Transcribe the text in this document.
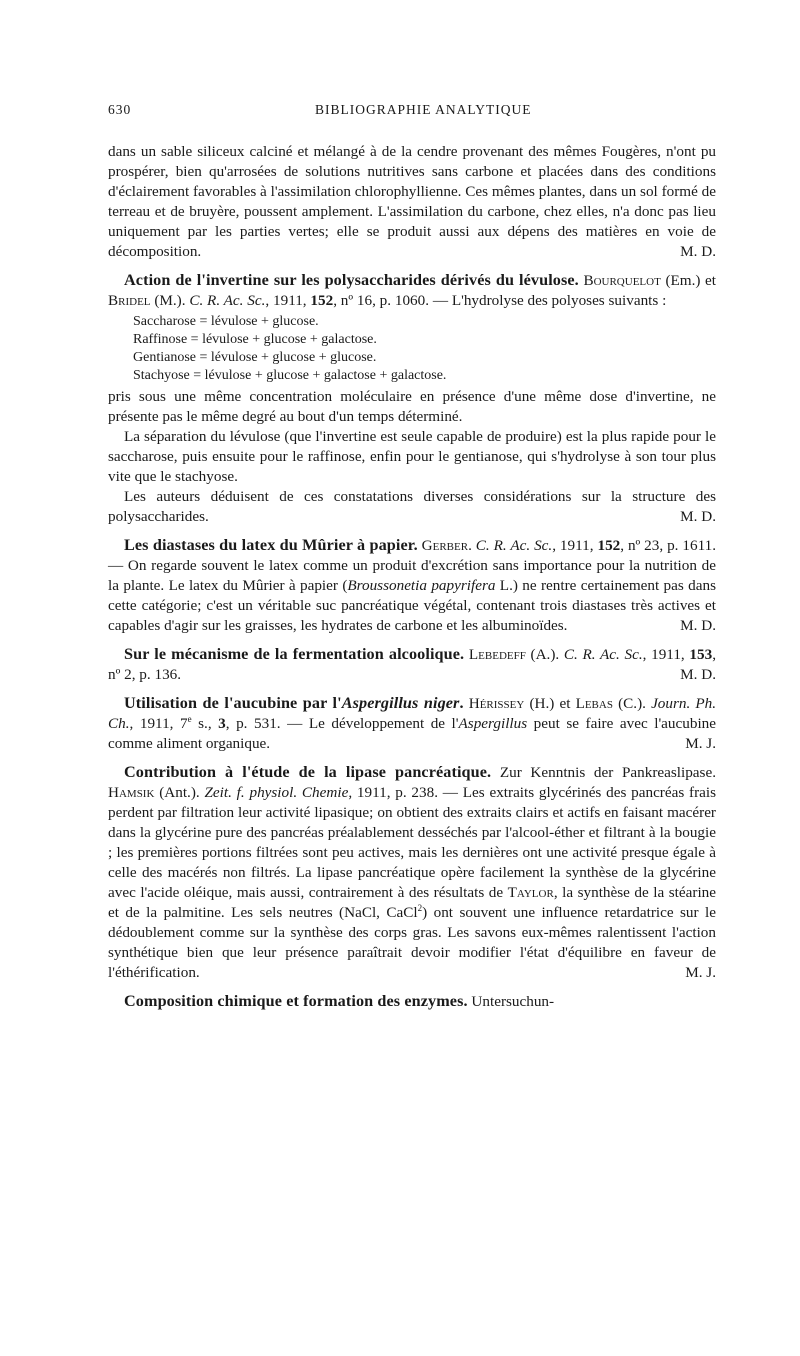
630	BIBLIOGRAPHIE ANALYTIQUE

dans un sable siliceux calciné et mélangé à de la cendre provenant des mêmes Fougères, n'ont pu prospérer, bien qu'arrosées de solutions nutritives sans carbone et placées dans des conditions d'éclairement favorables à l'assimilation chlorophyllienne. Ces mêmes plantes, dans un sol formé de terreau et de bruyère, poussent amplement. L'assimilation du carbone, chez elles, n'a donc pas lieu uniquement par les parties vertes; elle se produit aussi aux dépens des matières en voie de décomposition.	M. D.

Action de l'invertine sur les polysaccharides dérivés du lévulose. Bourquelot (Em.) et Bridel (M.). C. R. Ac. Sc., 1911, 152, nº 16, p. 1060. — L'hydrolyse des polyoses suivants :

Saccharose = lévulose + glucose.
Raffinose = lévulose + glucose + galactose.
Gentianose = lévulose + glucose + glucose.
Stachyose = lévulose + glucose + galactose + galactose.

pris sous une même concentration moléculaire en présence d'une même dose d'invertine, ne présente pas le même degré au bout d'un temps déterminé.

La séparation du lévulose (que l'invertine est seule capable de produire) est la plus rapide pour le saccharose, puis ensuite pour le raffinose, enfin pour le gentianose, qui s'hydrolyse à son tour plus vite que le stachyose.

Les auteurs déduisent de ces constatations diverses considérations sur la structure des polysaccharides.	M. D.

Les diastases du latex du Mûrier à papier. Gerber. C. R. Ac. Sc., 1911, 152, nº 23, p. 1611. — On regarde souvent le latex comme un produit d'excrétion sans importance pour la nutrition de la plante. Le latex du Mûrier à papier (Broussonetia papyrifera L.) ne rentre certainement pas dans cette catégorie; c'est un véritable suc pancréatique végétal, contenant trois diastases très actives et capables d'agir sur les graisses, les hydrates de carbone et les albuminoïdes.	M. D.

Sur le mécanisme de la fermentation alcoolique. Lebedeff (A.). C. R. Ac. Sc., 1911, 153, nº 2, p. 136.	M. D.

Utilisation de l'aucubine par l'Aspergillus niger. Hérissey (H.) et Lebas (C.). Journ. Ph. Ch., 1911, 7e s., 3, p. 531. — Le développement de l'Aspergillus peut se faire avec l'aucubine comme aliment organique.	M. J.

Contribution à l'étude de la lipase pancréatique. Zur Kenntnis der Pankreaslipase. Hamsik (Ant.). Zeit. f. physiol. Chemie, 1911, p. 238. — Les extraits glycérinés des pancréas frais perdent par filtration leur activité lipasique; on obtient des extraits clairs et actifs en faisant macérer dans la glycérine pure des pancréas préalablement desséchés par l'alcool-éther et filtrant à la bougie ; les premières portions filtrées sont peu actives, mais les dernières ont une activité presque égale à celle des macérés non filtrés. La lipase pancréatique opère facilement la synthèse de la glycérine avec l'acide oléique, mais aussi, contrairement à des résultats de Taylor, la synthèse de la stéarine et de la palmitine. Les sels neutres (NaCl, CaCl$^2$) ont souvent une influence retardatrice sur le dédoublement comme sur la synthèse des corps gras. Les savons eux-mêmes ralentissent l'action synthétique bien que leur présence paraîtrait devoir modifier l'état d'équilibre en faveur de l'éthérification.	M. J.

Composition chimique et formation des enzymes. Untersuchun-
